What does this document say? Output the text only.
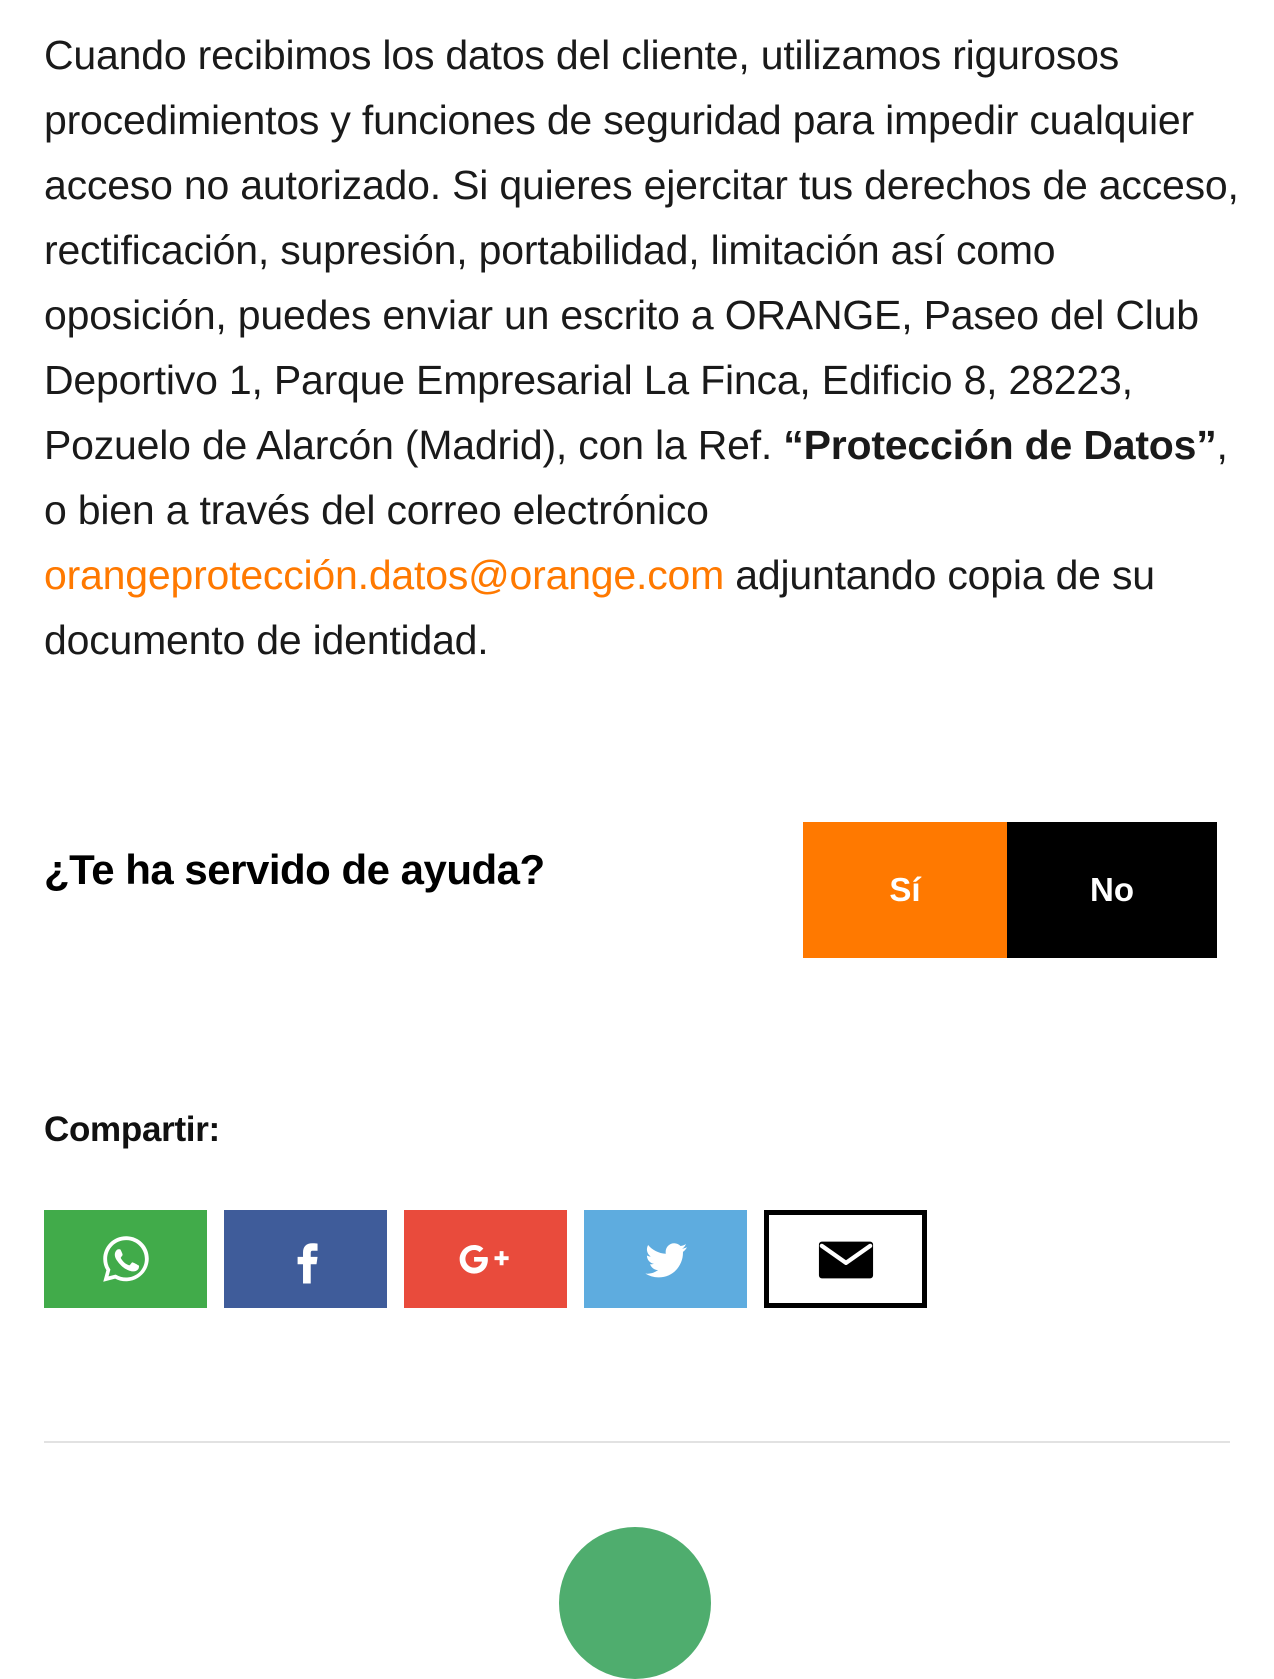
Cuando recibimos los datos del cliente, utilizamos rigurosos procedimientos y funciones de seguridad para impedir cualquier acceso no autorizado. Si quieres ejercitar tus derechos de acceso, rectificación, supresión, portabilidad, limitación así como oposición, puedes enviar un escrito a ORANGE, Paseo del Club Deportivo 1, Parque Empresarial La Finca, Edificio 8, 28223, Pozuelo de Alarcón (Madrid), con la Ref. “Protección de Datos”, o bien a través del correo electrónico orangeprotección.datos@orange.com adjuntando copia de su documento de identidad.

¿Te ha servido de ayuda?	Sí	No
Compartir:
